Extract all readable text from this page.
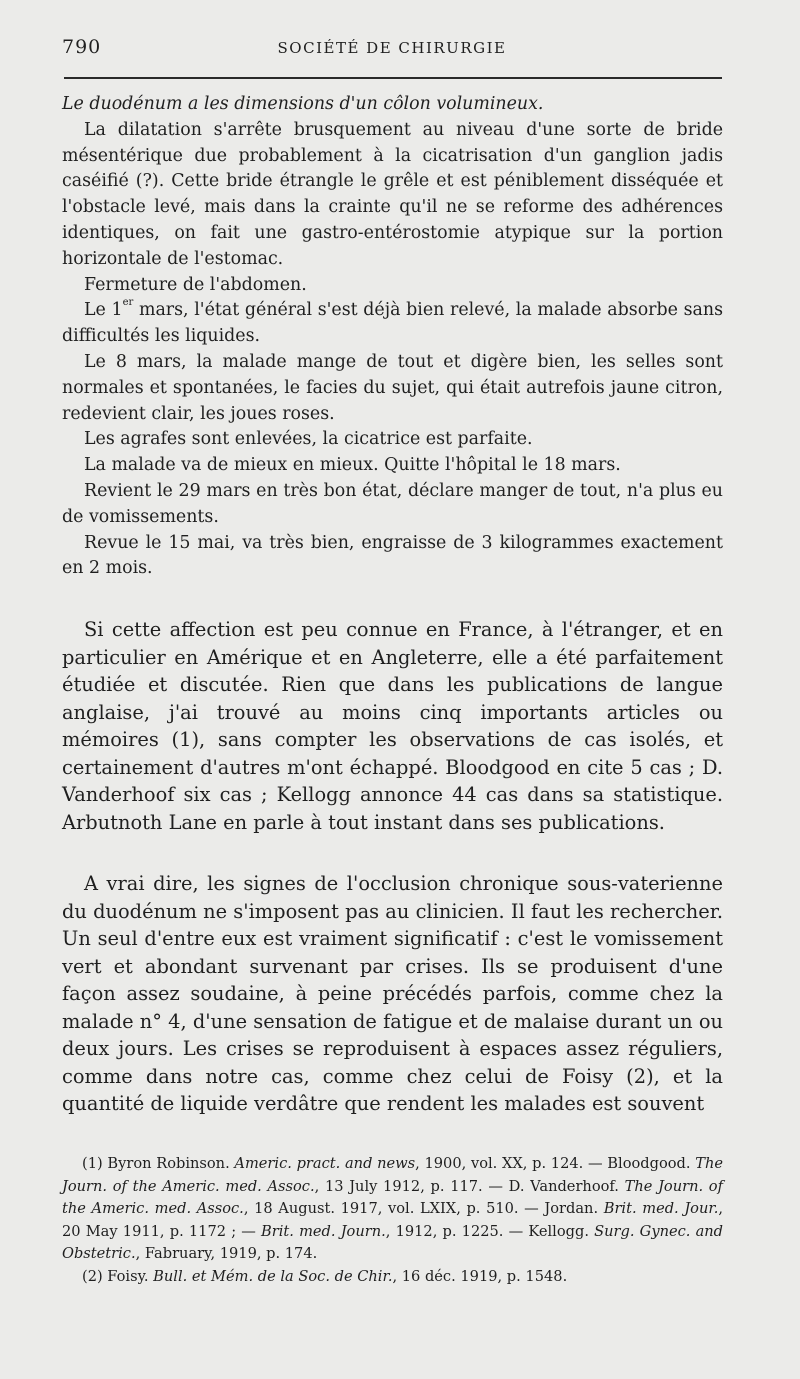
790	SOCIÉTÉ DE CHIRURGIE

Le duodénum a les dimensions d'un côlon volumineux.

La dilatation s'arrête brusquement au niveau d'une sorte de bride mésentérique due probablement à la cicatrisation d'un ganglion jadis caséifié (?). Cette bride étrangle le grêle et est péniblement disséquée et l'obstacle levé, mais dans la crainte qu'il ne se reforme des adhérences identiques, on fait une gastro-entérostomie atypique sur la portion horizontale de l'estomac.

Fermeture de l'abdomen.

Le 1er mars, l'état général s'est déjà bien relevé, la malade absorbe sans difficultés les liquides.

Le 8 mars, la malade mange de tout et digère bien, les selles sont normales et spontanées, le facies du sujet, qui était autrefois jaune citron, redevient clair, les joues roses.

Les agrafes sont enlevées, la cicatrice est parfaite.

La malade va de mieux en mieux. Quitte l'hôpital le 18 mars.

Revient le 29 mars en très bon état, déclare manger de tout, n'a plus eu de vomissements.

Revue le 15 mai, va très bien, engraisse de 3 kilogrammes exactement en 2 mois.

Si cette affection est peu connue en France, à l'étranger, et en particulier en Amérique et en Angleterre, elle a été parfaitement étudiée et discutée. Rien que dans les publications de langue anglaise, j'ai trouvé au moins cinq importants articles ou mémoires (1), sans compter les observations de cas isolés, et certainement d'autres m'ont échappé. Bloodgood en cite 5 cas ; D. Vanderhoof six cas ; Kellogg annonce 44 cas dans sa statistique. Arbutnoth Lane en parle à tout instant dans ses publications.

A vrai dire, les signes de l'occlusion chronique sous-vaterienne du duodénum ne s'imposent pas au clinicien. Il faut les rechercher. Un seul d'entre eux est vraiment significatif : c'est le vomissement vert et abondant survenant par crises. Ils se produisent d'une façon assez soudaine, à peine précédés parfois, comme chez la malade n° 4, d'une sensation de fatigue et de malaise durant un ou deux jours. Les crises se reproduisent à espaces assez réguliers, comme dans notre cas, comme chez celui de Foisy (2), et la quantité de liquide verdâtre que rendent les malades est souvent

(1) Byron Robinson. Americ. pract. and news, 1900, vol. XX, p. 124. — Bloodgood. The Journ. of the Americ. med. Assoc., 13 July 1912, p. 117. — D. Vanderhoof. The Journ. of the Americ. med. Assoc., 18 August. 1917, vol. LXIX, p. 510. — Jordan. Brit. med. Jour., 20 May 1911, p. 1172 ; — Brit. med. Journ., 1912, p. 1225. — Kellogg. Surg. Gynec. and Obstetric., Fabruary, 1919, p. 174.

(2) Foisy. Bull. et Mém. de la Soc. de Chir., 16 déc. 1919, p. 1548.
